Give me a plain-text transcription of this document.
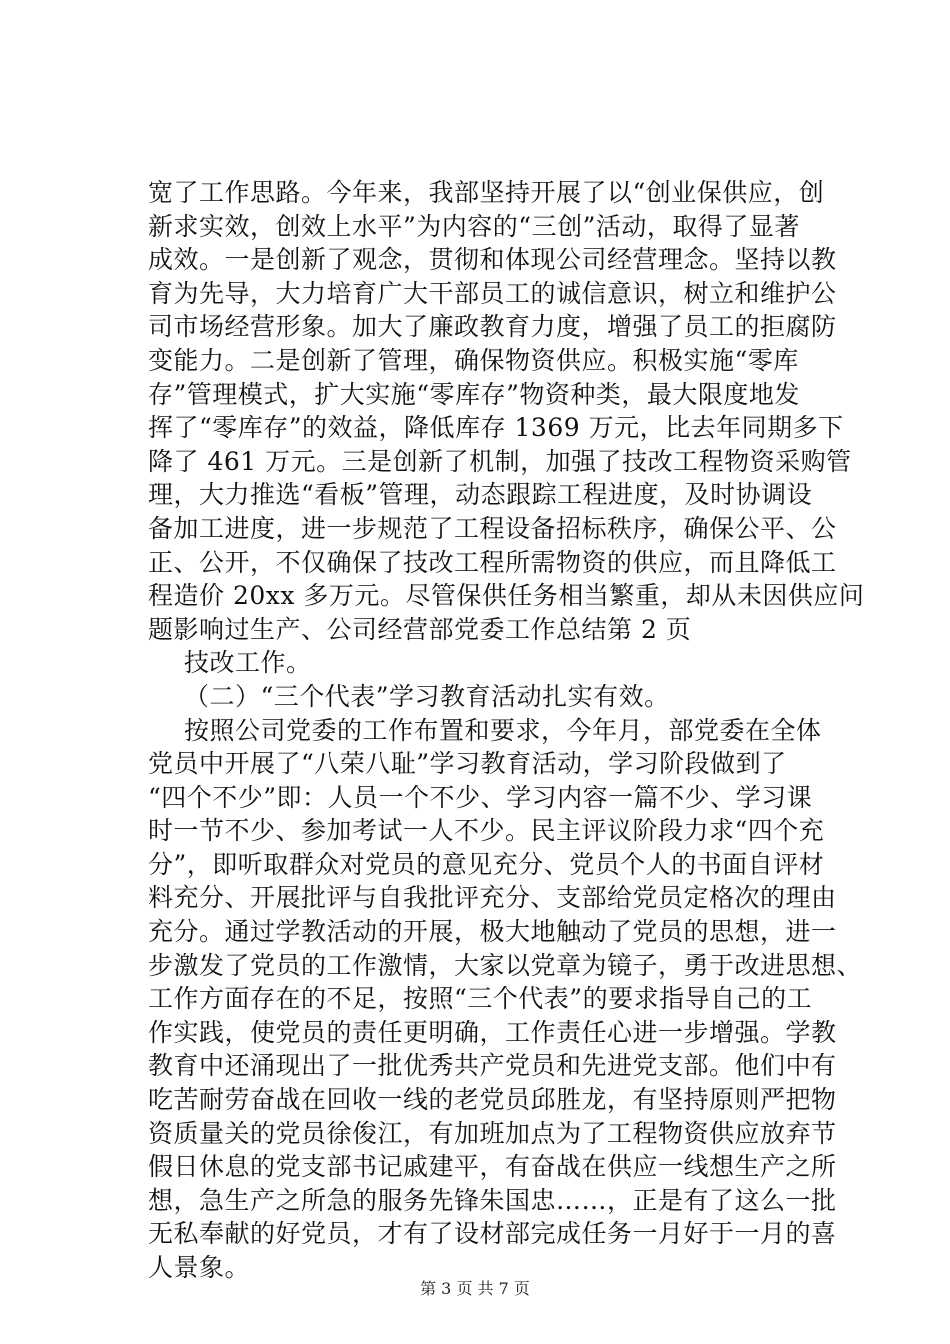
宽了工作思路。今年来，我部坚持开展了以“创业保供应，创
新求实效，创效上水平”为内容的“三创”活动，取得了显著
成效。一是创新了观念，贯彻和体现公司经营理念。坚持以教
育为先导，大力培育广大干部员工的诚信意识，树立和维护公
司市场经营形象。加大了廉政教育力度，增强了员工的拒腐防
变能力。二是创新了管理，确保物资供应。积极实施“零库
存”管理模式，扩大实施“零库存”物资种类，最大限度地发
挥了“零库存”的效益，降低库存 1369 万元，比去年同期多下
降了 461 万元。三是创新了机制，加强了技改工程物资采购管
理，大力推选“看板”管理，动态跟踪工程进度，及时协调设
备加工进度，进一步规范了工程设备招标秩序，确保公平、公
正、公开，不仅确保了技改工程所需物资的供应，而且降低工
程造价 20xx 多万元。尽管保供任务相当繁重，却从未因供应问
题影响过生产、公司经营部党委工作总结第 2 页
技改工作。
（二）“三个代表”学习教育活动扎实有效。
按照公司党委的工作布置和要求，今年月，部党委在全体
党员中开展了“八荣八耻”学习教育活动，学习阶段做到了
“四个不少”即：人员一个不少、学习内容一篇不少、学习课
时一节不少、参加考试一人不少。民主评议阶段力求“四个充
分”，即听取群众对党员的意见充分、党员个人的书面自评材
料充分、开展批评与自我批评充分、支部给党员定格次的理由
充分。通过学教活动的开展，极大地触动了党员的思想，进一
步激发了党员的工作激情，大家以党章为镜子，勇于改进思想、
工作方面存在的不足，按照“三个代表”的要求指导自己的工
作实践，使党员的责任更明确，工作责任心进一步增强。学教
教育中还涌现出了一批优秀共产党员和先进党支部。他们中有
吃苦耐劳奋战在回收一线的老党员邱胜龙，有坚持原则严把物
资质量关的党员徐俊江，有加班加点为了工程物资供应放弃节
假日休息的党支部书记戚建平，有奋战在供应一线想生产之所
想，急生产之所急的服务先锋朱国忠……，正是有了这么一批
无私奉献的好党员，才有了设材部完成任务一月好于一月的喜
人景象。
第 3 页 共 7 页
